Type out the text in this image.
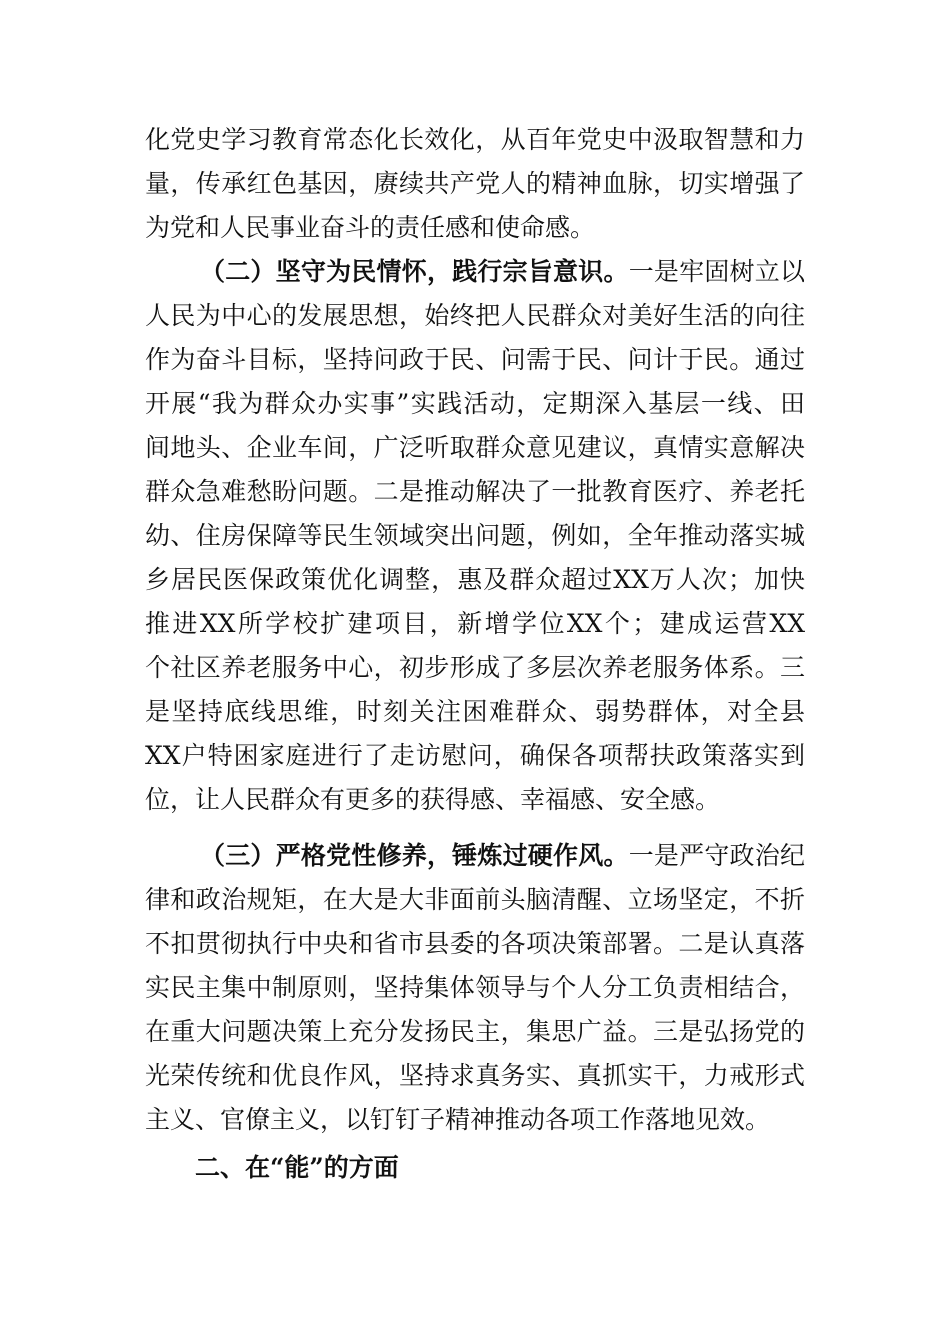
化党史学习教育常态化长效化，从百年党史中汲取智慧和力
量，传承红色基因，赓续共产党人的精神血脉，切实增强了
为党和人民事业奋斗的责任感和使命感。
（二）坚守为民情怀，践行宗旨意识。一是牢固树立以
人民为中心的发展思想，始终把人民群众对美好生活的向往
作为奋斗目标，坚持问政于民、问需于民、问计于民。通过
开展“我为群众办实事”实践活动，定期深入基层一线、田
间地头、企业车间，广泛听取群众意见建议，真情实意解决
群众急难愁盼问题。二是推动解决了一批教育医疗、养老托
幼、住房保障等民生领域突出问题，例如，全年推动落实城
乡居民医保政策优化调整，惠及群众超过XX万人次；加快
推进XX所学校扩建项目，新增学位XX个；建成运营XX
个社区养老服务中心，初步形成了多层次养老服务体系。三
是坚持底线思维，时刻关注困难群众、弱势群体，对全县
XX户特困家庭进行了走访慰问，确保各项帮扶政策落实到
位，让人民群众有更多的获得感、幸福感、安全感。
（三）严格党性修养，锤炼过硬作风。一是严守政治纪
律和政治规矩，在大是大非面前头脑清醒、立场坚定，不折
不扣贯彻执行中央和省市县委的各项决策部署。二是认真落
实民主集中制原则，坚持集体领导与个人分工负责相结合，
在重大问题决策上充分发扬民主，集思广益。三是弘扬党的
光荣传统和优良作风，坚持求真务实、真抓实干，力戒形式
主义、官僚主义，以钉钉子精神推动各项工作落地见效。
二、在“能”的方面
